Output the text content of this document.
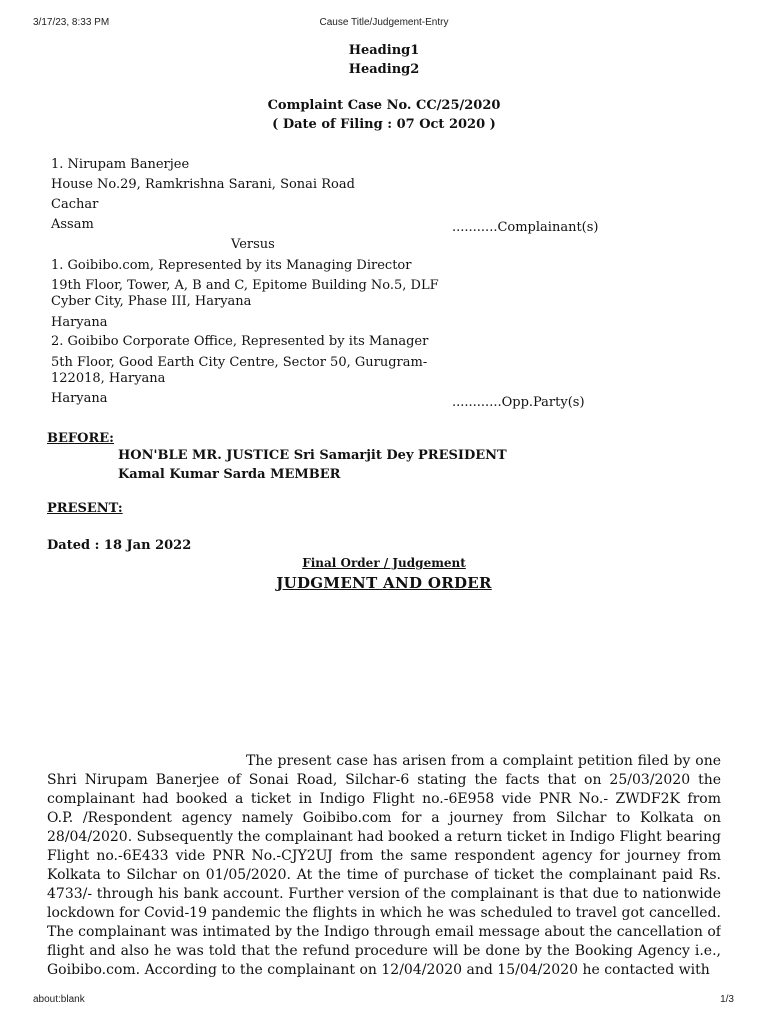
3/17/23, 8:33 PM	Cause Title/Judgement-Entry
Heading1
Heading2
Complaint Case No. CC/25/2020
( Date of Filing : 07 Oct 2020 )
1. Nirupam Banerjee
House No.29, Ramkrishna Sarani, Sonai Road
Cachar
Assam	...........Complainant(s)
Versus
1. Goibibo.com, Represented by its Managing Director
19th Floor, Tower, A, B and C, Epitome Building No.5, DLF
Cyber City, Phase III, Haryana
Haryana
2. Goibibo Corporate Office, Represented by its Manager
5th Floor, Good Earth City Centre, Sector 50, Gurugram-
122018, Haryana
Haryana	............Opp.Party(s)
BEFORE:
HON'BLE MR. JUSTICE Sri Samarjit Dey PRESIDENT
Kamal Kumar Sarda MEMBER
PRESENT:
Dated : 18 Jan 2022
Final Order / Judgement
JUDGMENT AND ORDER
The present case has arisen from a complaint petition filed by one
Shri Nirupam Banerjee of Sonai Road, Silchar-6 stating the facts that on 25/03/2020 the
complainant had booked a ticket in Indigo Flight no.-6E958 vide PNR No.- ZWDF2K from
O.P. /Respondent agency namely Goibibo.com for a journey from Silchar to Kolkata on
28/04/2020. Subsequently the complainant had booked a return ticket in Indigo Flight bearing
Flight no.-6E433 vide PNR No.-CJY2UJ from the same respondent agency for journey from
Kolkata to Silchar on 01/05/2020. At the time of purchase of ticket the complainant paid Rs.
4733/- through his bank account. Further version of the complainant is that due to nationwide
lockdown for Covid-19 pandemic the flights in which he was scheduled to travel got cancelled.
The complainant was intimated by the Indigo through email message about the cancellation of
flight and also he was told that the refund procedure will be done by the Booking Agency i.e.,
Goibibo.com. According to the complainant on 12/04/2020 and 15/04/2020 he contacted with
about:blank	1/3
